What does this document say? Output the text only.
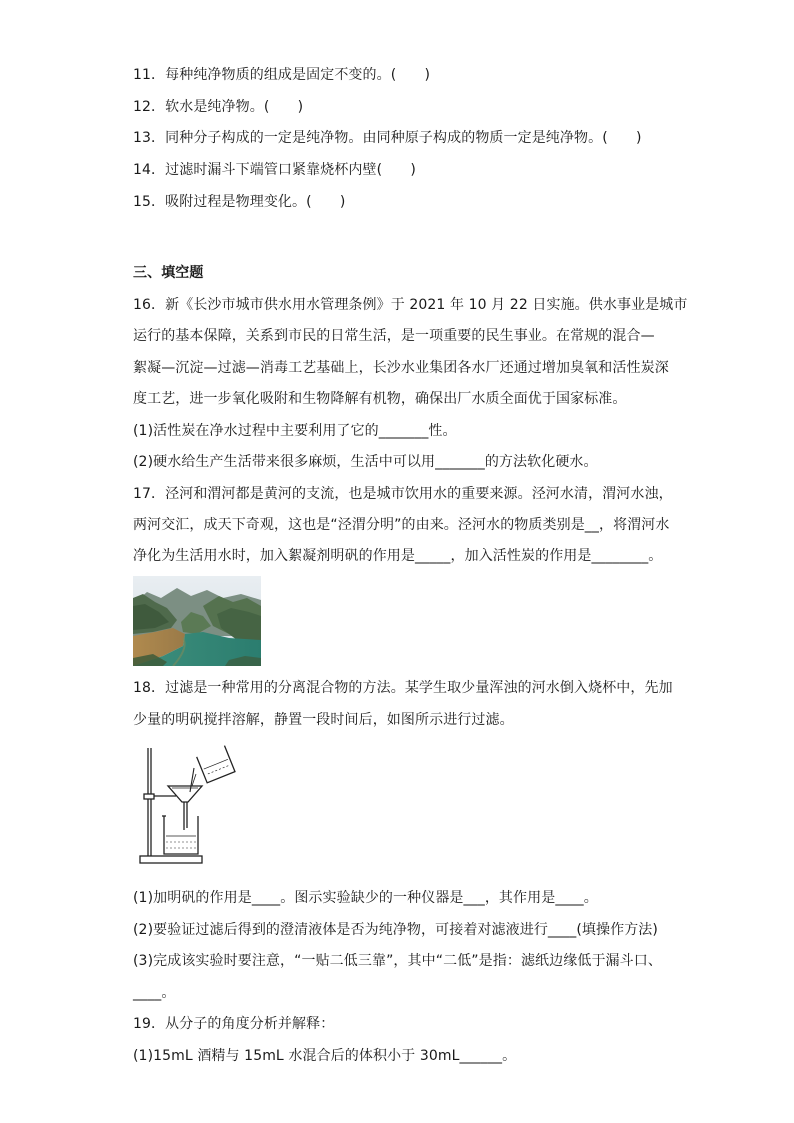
11．每种纯净物质的组成是固定不变的。(　　)
12．软水是纯净物。(　　)
13．同种分子构成的一定是纯净物。由同种原子构成的物质一定是纯净物。(　　)
14．过滤时漏斗下端管口紧靠烧杯内壁(　　)
15．吸附过程是物理变化。(　　)
三、填空题
16．新《长沙市城市供水用水管理条例》于 2021 年 10 月 22 日实施。供水事业是城市
运行的基本保障，关系到市民的日常生活，是一项重要的民生事业。在常规的混合—
絮凝—沉淀—过滤—消毒工艺基础上，长沙水业集团各水厂还通过增加臭氧和活性炭深
度工艺，进一步氧化吸附和生物降解有机物，确保出厂水质全面优于国家标准。
(1)活性炭在净水过程中主要利用了它的_______性。
(2)硬水给生产生活带来很多麻烦，生活中可以用_______的方法软化硬水。
17．泾河和渭河都是黄河的支流，也是城市饮用水的重要来源。泾河水清，渭河水浊，
两河交汇，成天下奇观，这也是“泾渭分明”的由来。泾河水的物质类别是__，将渭河水
净化为生活用水时，加入絮凝剂明矾的作用是_____，加入活性炭的作用是________。
18．过滤是一种常用的分离混合物的方法。某学生取少量浑浊的河水倒入烧杯中，先加
少量的明矾搅拌溶解，静置一段时间后，如图所示进行过滤。
(1)加明矾的作用是____。图示实验缺少的一种仪器是___，其作用是____。
(2)要验证过滤后得到的澄清液体是否为纯净物，可接着对滤液进行____(填操作方法)
(3)完成该实验时要注意，“一贴二低三靠”，其中“二低”是指：滤纸边缘低于漏斗口、
____。
19．从分子的角度分析并解释：
(1)15mL 酒精与 15mL 水混合后的体积小于 30mL______。
